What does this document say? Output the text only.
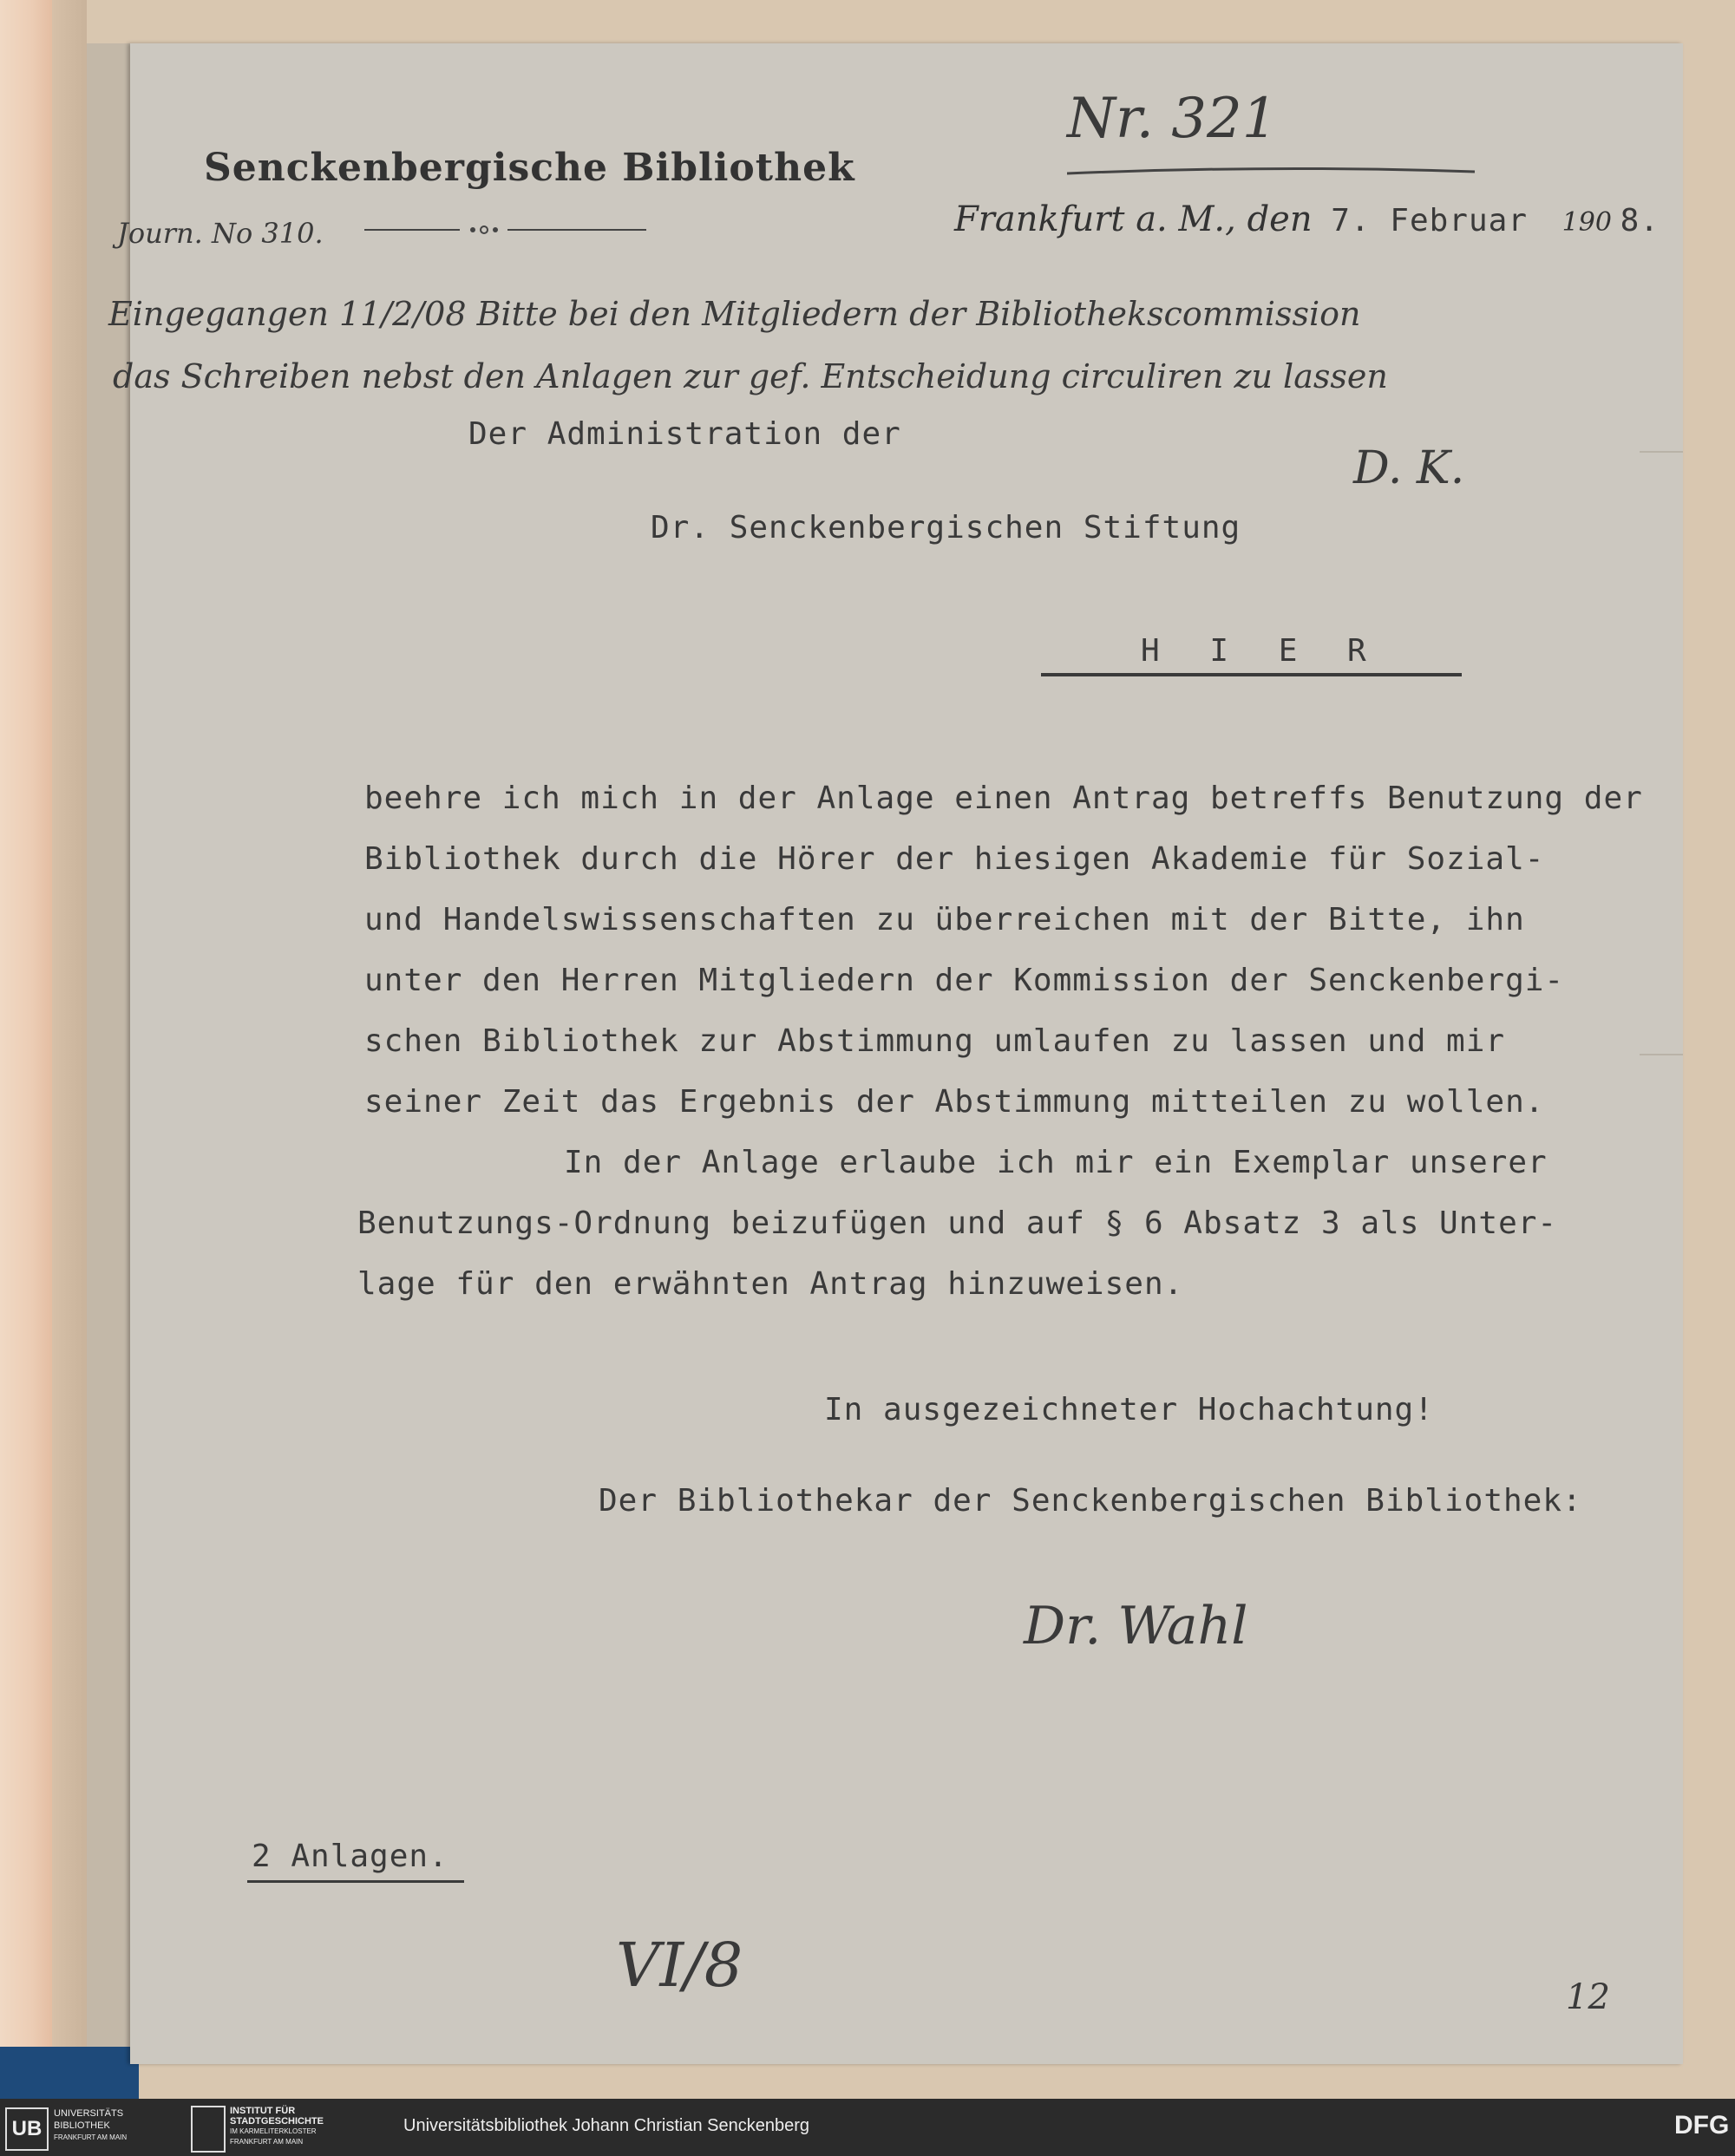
Nr. 321
Senckenbergische Bibliothek
Journ. No 310.	Frankfurt a. M., den 7. Februar 190 8.
Eingegangen 11/2/08 Bitte bei den Mitgliedern der Bibliothekscommission
das Schreiben nebst den Anlagen zur gef. Entscheidung circuliren zu lassen
D. K.
Der Administration der
Dr. Senckenbergischen Stiftung
H I E R
beehre ich mich in der Anlage einen Antrag betreffs Benutzung der
Bibliothek durch die Hörer der hiesigen Akademie für Sozial-
und Handelswissenschaften zu überreichen mit der Bitte, ihn
unter den Herren Mitgliedern der Kommission der Senckenbergi-
schen Bibliothek zur Abstimmung umlaufen zu lassen und mir
seiner Zeit das Ergebnis der Abstimmung mitteilen zu wollen.
In der Anlage erlaube ich mir ein Exemplar unserer
Benutzungs-Ordnung beizufügen und auf § 6 Absatz 3 als Unter-
lage für den erwähnten Antrag hinzuweisen.
In ausgezeichneter Hochachtung!
Der Bibliothekar der Senckenbergischen Bibliothek:
Dr. Wahl
2 Anlagen.
VI/8	12
UB
UNIVERSITÄTS
BIBLIOTHEK
FRANKFURT AM MAIN
INSTITUT FÜR
STADTGESCHICHTE
IM KARMELITERKLOSTER
FRANKFURT AM MAIN
Universitätsbibliothek Johann Christian Senckenberg	DFG
